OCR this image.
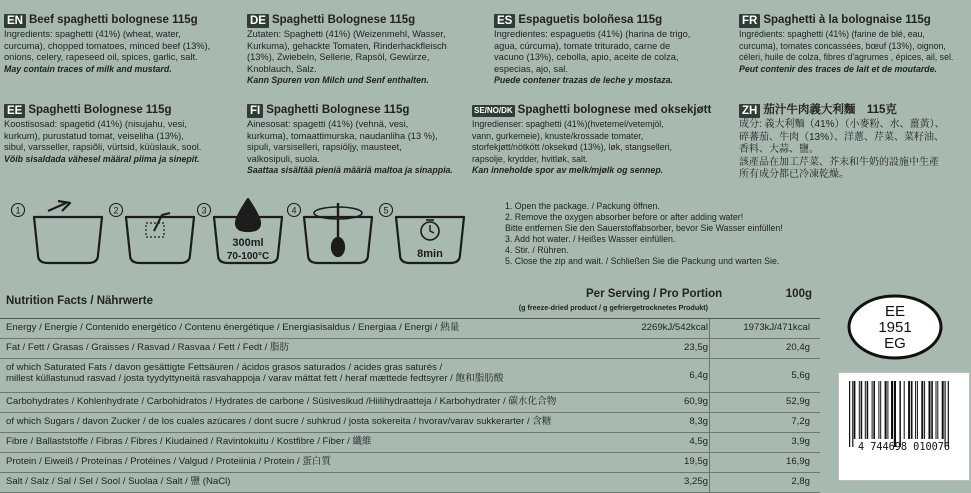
EN Beef spaghetti bolognese 115g
Ingredients: spaghetti (41%) (wheat, water,
curcuma), chopped tomatoes, minced beef (13%),
onions, celery, rapeseed oil, spices, garlic, salt.
May contain traces of milk and mustard.
DE Spaghetti Bolognese 115g
Zutaten: Spaghetti (41%) (Weizenmehl, Wasser,
Kurkuma), gehackte Tomaten, Rinderhackfleisch
(13%), Zwiebeln, Sellerie, Rapsöl, Gewürze,
Knoblauch, Salz.
Kann Spuren von Milch und Senf enthalten.
ES Espaguetis boloñesa 115g
Ingredientes: espaguetis (41%) (harina de trigo,
agua, cúrcuma), tomate triturado, carne de
vacuno (13%), cebolla, apio, aceite de colza,
especias, ajo, sal.
Puede contener trazas de leche y mostaza.
FR Spaghetti à la bolognaise 115g
Ingrédients: spaghetti (41%) (farine de blé, eau,
curcuma), tomates concassées, bœuf (13%), oignon,
céleri, huile de colza, fibres d'agrumes , épices, ail, sel.
Peut contenir des traces de lait et de moutarde.
EE Spaghetti Bolognese 115g
Koostisosad: spagetid (41%) (nisujahu, vesi,
kurkum), purustatud tomat, veiseliha (13%),
sibul, varsseller, rapsiõli, vürtsid, küüslauk, sool.
Võib sisaldada vähesel määral piima ja sinepit.
FI Spaghetti Bolognese 115g
Ainesosat: spagetti (41%) (vehnä, vesi,
kurkuma), tomaattimurska, naudanliha (13 %),
sipuli, varsiselleri, rapsiöljy, mausteet,
valkosipuli, suola.
Saattaa sisältää pieniä määriä maltoa ja sinappia.
SE/NO/DK Spaghetti bolognese med oksekjøtt
Ingredienser: spaghetti (41%)(hvetemel/vetemjöl,
vann, gurkemeie), knuste/krossade tomater,
storfekjøtt/nötkött /oksekød (13%), løk, stangselleri,
rapsolje, krydder, hvitløk, salt.
Kan inneholde spor av melk/mjølk og sennep.
ZH 茄汁牛肉義大利麵　115克
成分: 義大利麵（41%）（小麥粉、水、薑黃）、
碎蕃茄、牛肉（13%）、洋蔥、芹菜、菜籽油、
香料、大蒜、鹽。
該產品在加工芹菜、芥末和牛奶的設施中生產
所有成分都已冷凍乾燥。
1	2	3
300ml
70-100°C
4	5
8min
1. Open the package. / Packung öffnen.
2. Remove the oxygen absorber before or after adding water!
Bitte entfernen Sie den Sauerstoffabsorber, bevor Sie Wasser einfüllen!
3. Add hot water. / Heißes Wasser einfüllen.
4. Stir. / Rühren.
5. Close the zip and wait. / Schließen Sie die Packung und warten Sie.
Nutrition Facts / Nährwerte
Per Serving / Pro Portion
(g freeze-dried product / g gefriergetrocknetes Produkt)
100g
Energy / Energie / Contenido energético / Contenu énergétique / Energiasisaldus / Energiaa / Energi / 熱量	2269kJ/542kcal	1973kJ/471kcal
Fat / Fett / Grasas / Graisses / Rasvad / Rasvaa / Fett / Fedt / 脂肪	23,5g	20,4g
of which Saturated Fats / davon gesättigte Fettsäuren / ácidos grasos saturados / acides gras saturés /
millest küllastunud rasvad / josta tyydyttyneitä rasvahappoja / varav mättat fett / heraf mættede fedtsyrer / 飽和脂肪酸	6,4g	5,6g
Carbohydrates / Kohlenhydrate / Carbohidratos / Hydrates de carbone / Süsivesikud /Hiilihydraatteja / Karbohydrater / 碳水化合物	60,9g	52,9g
of which Sugars / davon Zucker / de los cuales azúcares / dont sucre / suhkrud / josta sokereita / hvorav/varav sukkerarter / 含糖	8,3g	7,2g
Fibre / Ballaststoffe / Fibras / Fibres / Kiudained / Ravintokuitu / Kostfibre / Fiber / 纖維	4,5g	3,9g
Protein / Eiweiß / Proteínas / Protéines / Valgud / Proteiinia / Protein / 蛋白質	19,5g	16,9g
Salt / Salz / Sal / Sel / Sool / Suolaa / Salt / 鹽 (NaCl)	3,25g	2,8g
EE
1951
EG
4 744698 010076
